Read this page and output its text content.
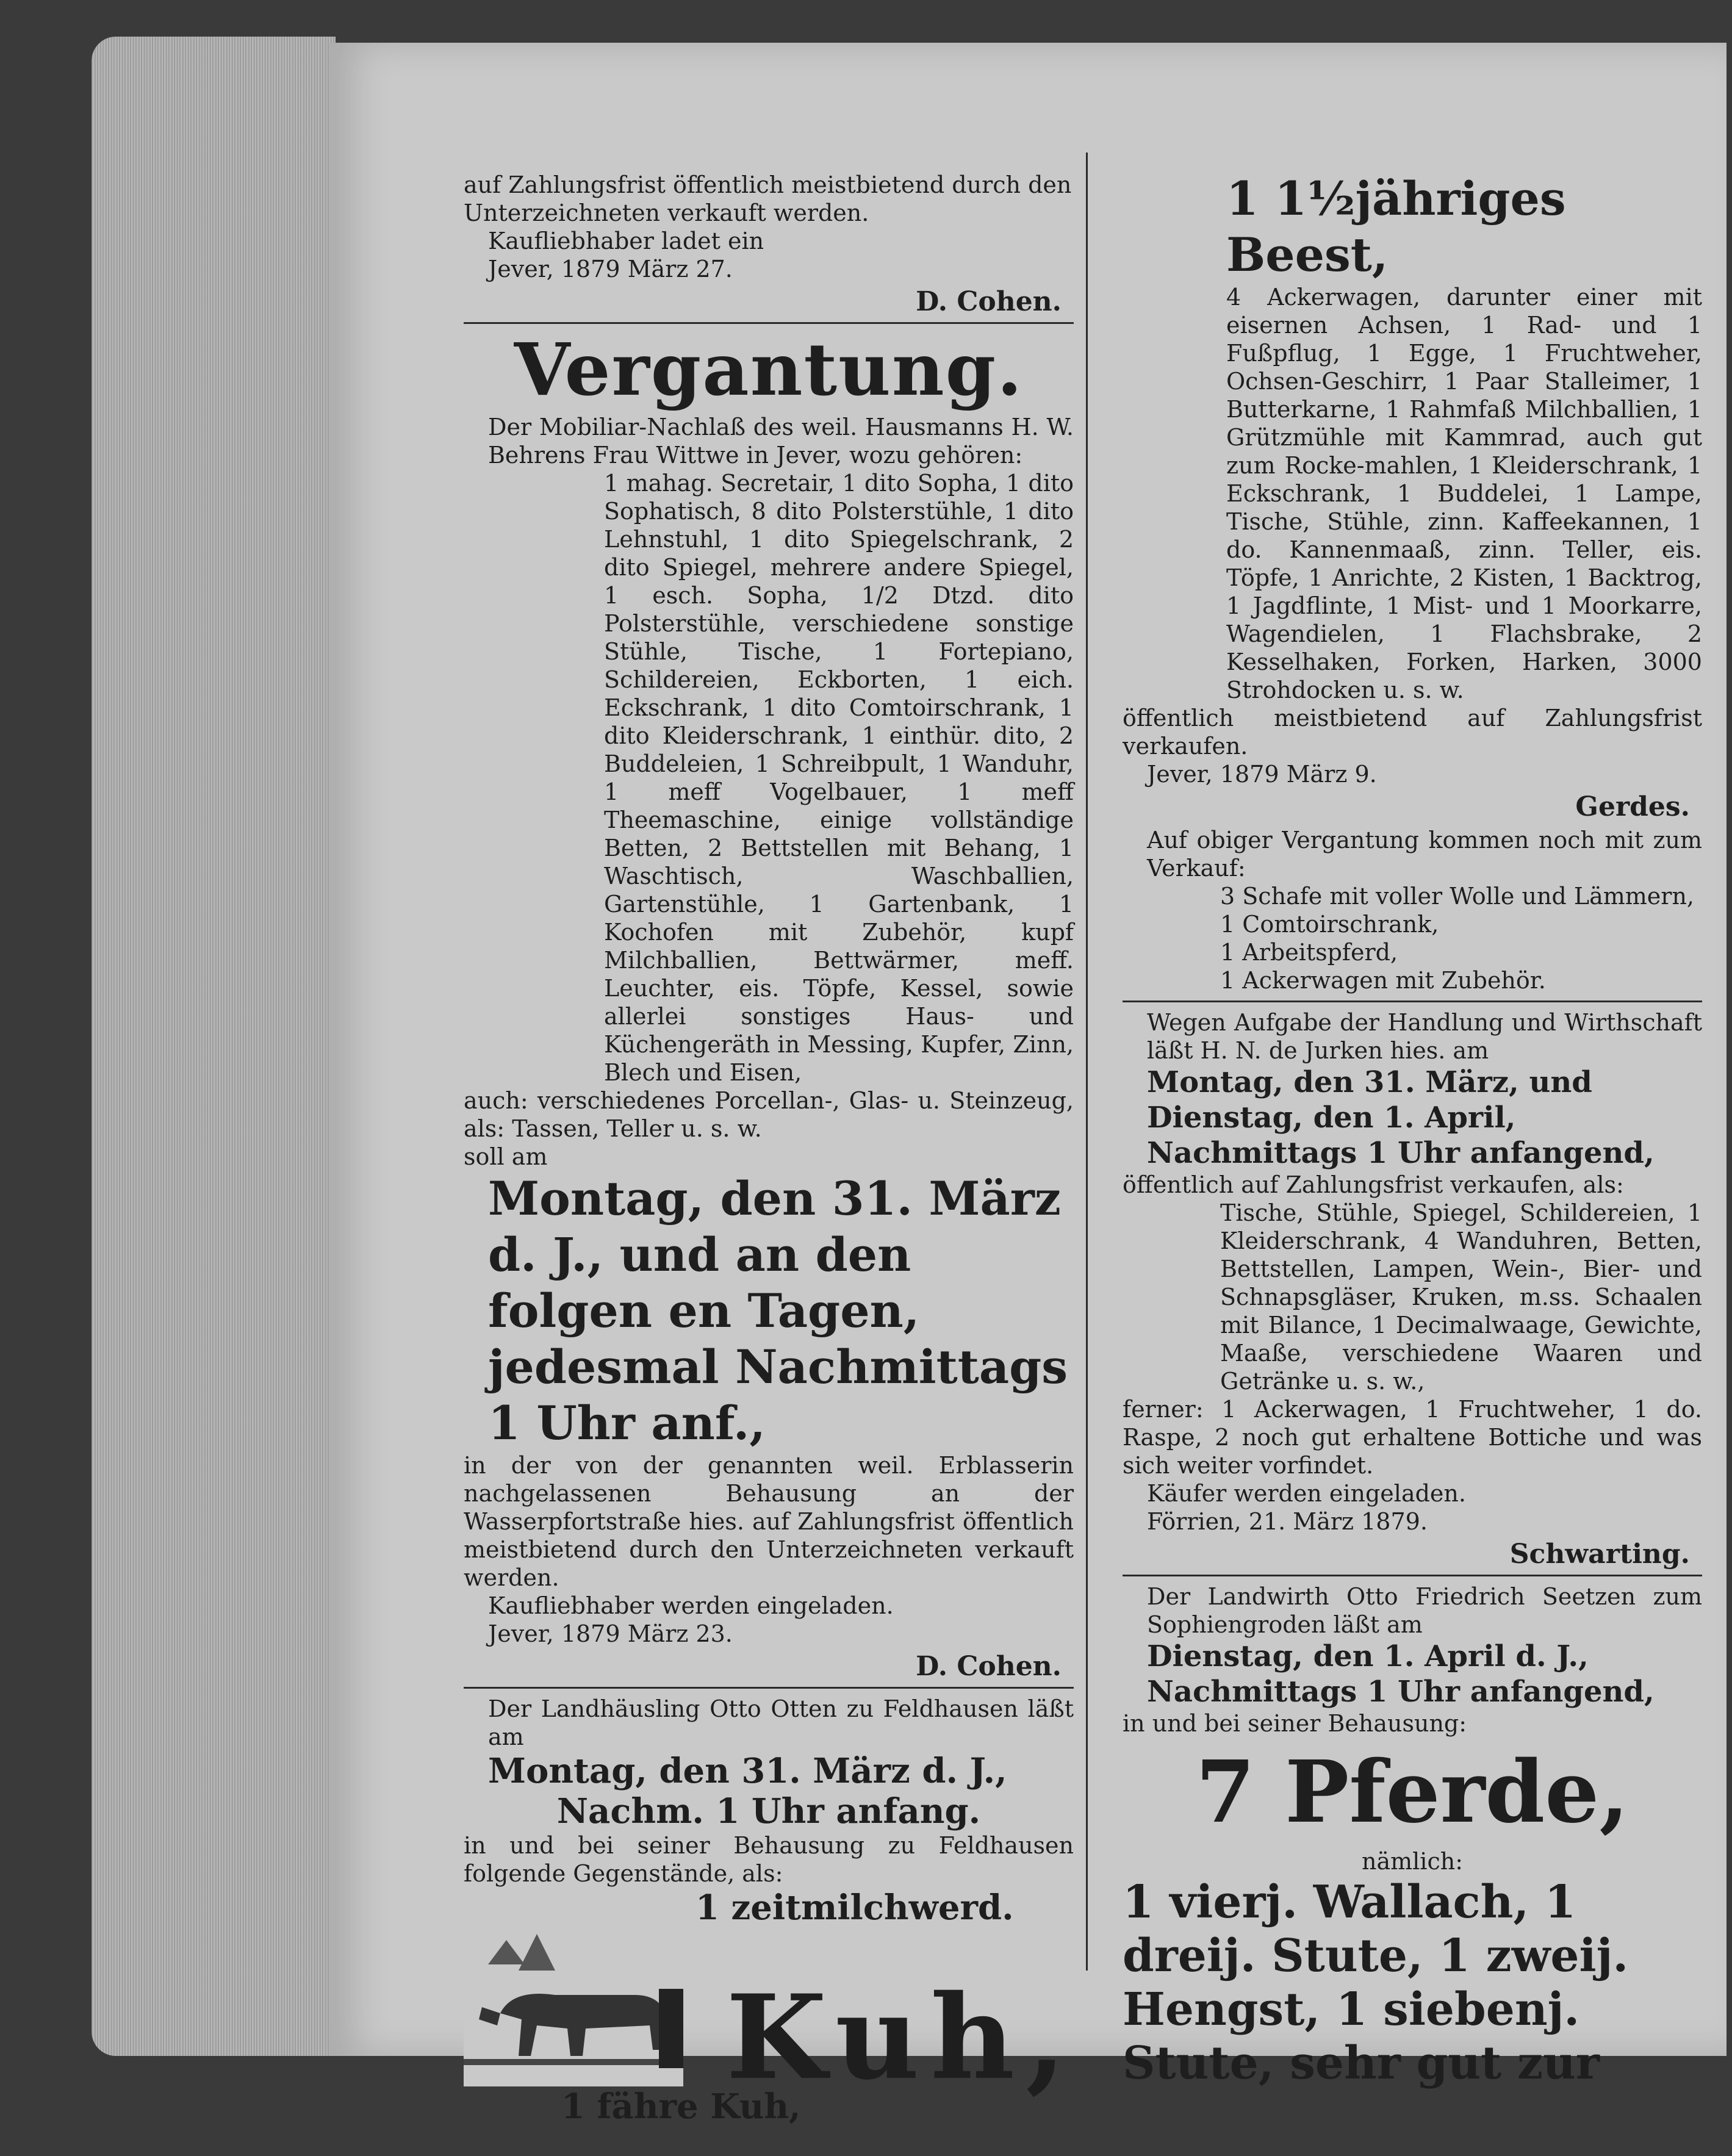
auf Zahlungsfrist öffentlich meistbietend durch den

Unterzeichneten verkauft werden.

Kaufliebhaber ladet ein

Jever, 1879 März 27.

D. Cohen.

Vergantung.

Der Mobiliar-Nachlaß des weil. Hausmanns H. W. Behrens Frau Wittwe in Jever, wozu gehören:

1 mahag. Secretair, 1 dito Sopha, 1 dito Sophatisch, 8 dito Polsterstühle, 1 dito Lehnstuhl, 1 dito Spiegelschrank, 2 dito Spiegel, mehrere andere Spiegel, 1 esch. Sopha, 1/2 Dtzd. dito Polsterstühle, verschiedene sonstige Stühle, Tische, 1 Fortepiano, Schildereien, Eckborten, 1 eich. Eckschrank, 1 dito Comtoirschrank, 1 dito Kleiderschrank, 1 einthür. dito, 2 Buddeleien, 1 Schreibpult, 1 Wanduhr, 1 meff Vogelbauer, 1 meff Theemaschine, einige vollständige Betten, 2 Bettstellen mit Behang, 1 Waschtisch, Waschballien, Gartenstühle, 1 Gartenbank, 1 Kochofen mit Zubehör, kupf Milchballien, Bettwärmer, meff. Leuchter, eis. Töpfe, Kessel, sowie allerlei sonstiges Haus- und Küchengeräth in Messing, Kupfer, Zinn, Blech und Eisen,

auch: verschiedenes Porcellan-, Glas- u. Steinzeug, als: Tassen, Teller u. s. w.

soll am

Montag, den 31. März d. J., und an den folgen en Tagen, jedesmal Nachmittags 1 Uhr anf.,

in der von der genannten weil. Erblasserin nachgelassenen Behausung an der Wasserpfortstraße hies. auf Zahlungsfrist öffentlich meistbietend durch den Unterzeichneten verkauft werden.

Kaufliebhaber werden eingeladen.

Jever, 1879 März 23.

D. Cohen.

Der Landhäusling Otto Otten zu Feldhausen läßt am

Montag, den 31. März d. J.,

Nachm. 1 Uhr anfang.

in und bei seiner Behausung zu Feldhausen folgende Gegenstände, als:

1 zeitmilchwerd.

Kuh,

1 fähre Kuh,

1 1½jähriges Beest,

4 Ackerwagen, darunter einer mit eisernen Achsen, 1 Rad- und 1 Fußpflug, 1 Egge, 1 Fruchtweher, Ochsen-Geschirr, 1 Paar Stalleimer, 1 Butterkarne, 1 Rahmfaß Milchballien, 1 Grützmühle mit Kammrad, auch gut zum Rocke-mahlen, 1 Kleiderschrank, 1 Eckschrank, 1 Buddelei, 1 Lampe, Tische, Stühle, zinn. Kaffeekannen, 1 do. Kannenmaaß, zinn. Teller, eis. Töpfe, 1 Anrichte, 2 Kisten, 1 Backtrog, 1 Jagdflinte, 1 Mist- und 1 Moorkarre, Wagendielen, 1 Flachsbrake, 2 Kesselhaken, Forken, Harken, 3000 Strohdocken u. s. w.

öffentlich meistbietend auf Zahlungsfrist verkaufen.

Jever, 1879 März 9.

Gerdes.

Auf obiger Vergantung kommen noch mit zum Verkauf:

3 Schafe mit voller Wolle und Lämmern,

1 Comtoirschrank,

1 Arbeitspferd,

1 Ackerwagen mit Zubehör.

Wegen Aufgabe der Handlung und Wirthschaft läßt H. N. de Jurken hies. am

Montag, den 31. März, und Dienstag, den 1. April, Nachmittags 1 Uhr anfangend,

öffentlich auf Zahlungsfrist verkaufen, als:

Tische, Stühle, Spiegel, Schildereien, 1 Kleiderschrank, 4 Wanduhren, Betten, Bettstellen, Lampen, Wein-, Bier- und Schnapsgläser, Kruken, m.ss. Schaalen mit Bilance, 1 Decimalwaage, Gewichte, Maaße, verschiedene Waaren und Getränke u. s. w.,

ferner: 1 Ackerwagen, 1 Fruchtweher, 1 do. Raspe, 2 noch gut erhaltene Bottiche und was sich weiter vorfindet.

Käufer werden eingeladen.

Förrien, 21. März 1879.

Schwarting.

Der Landwirth Otto Friedrich Seetzen zum Sophiengroden läßt am

Dienstag, den 1. April d. J., Nachmittags 1 Uhr anfangend,

in und bei seiner Behausung:

7 Pferde,

nämlich:

1 vierj. Wallach, 1 dreij. Stute, 1 zweij. Hengst, 1 siebenj. Stute, sehr gut zur
